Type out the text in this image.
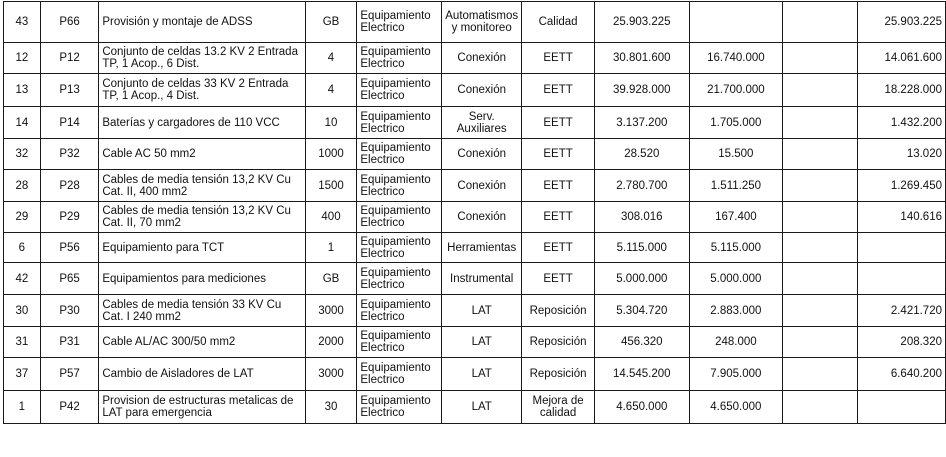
43	P66	Provisión y montaje de ADSS	GB	Equipamiento Electrico	Automatismos y monitoreo	Calidad	25.903.225			25.903.225
12	P12	Conjunto de celdas 13.2 KV 2 Entrada TP, 1 Acop., 6 Dist.	4	Equipamiento Electrico	Conexión	EETT	30.801.600	16.740.000		14.061.600
13	P13	Conjunto de celdas 33 KV 2 Entrada TP, 1 Acop., 4 Dist.	4	Equipamiento Electrico	Conexión	EETT	39.928.000	21.700.000		18.228.000
14	P14	Baterías y cargadores de 110 VCC	10	Equipamiento Electrico	Serv. Auxiliares	EETT	3.137.200	1.705.000		1.432.200
32	P32	Cable AC 50 mm2	1000	Equipamiento Electrico	Conexión	EETT	28.520	15.500		13.020
28	P28	Cables de media tensión 13,2 KV Cu Cat. II, 400 mm2	1500	Equipamiento Electrico	Conexión	EETT	2.780.700	1.511.250		1.269.450
29	P29	Cables de media tensión 13,2 KV Cu Cat. II, 70 mm2	400	Equipamiento Electrico	Conexión	EETT	308.016	167.400		140.616
6	P56	Equipamiento para TCT	1	Equipamiento Electrico	Herramientas	EETT	5.115.000	5.115.000		
42	P65	Equipamientos para mediciones	GB	Equipamiento Electrico	Instrumental	EETT	5.000.000	5.000.000		
30	P30	Cables de media tensión 33 KV Cu Cat. I 240 mm2	3000	Equipamiento Electrico	LAT	Reposición	5.304.720	2.883.000		2.421.720
31	P31	Cable AL/AC 300/50 mm2	2000	Equipamiento Electrico	LAT	Reposición	456.320	248.000		208.320
37	P57	Cambio de Aisladores de LAT	3000	Equipamiento Electrico	LAT	Reposición	14.545.200	7.905.000		6.640.200
1	P42	Provision de estructuras metalicas de LAT para emergencia	30	Equipamiento Electrico	LAT	Mejora de calidad	4.650.000	4.650.000		
